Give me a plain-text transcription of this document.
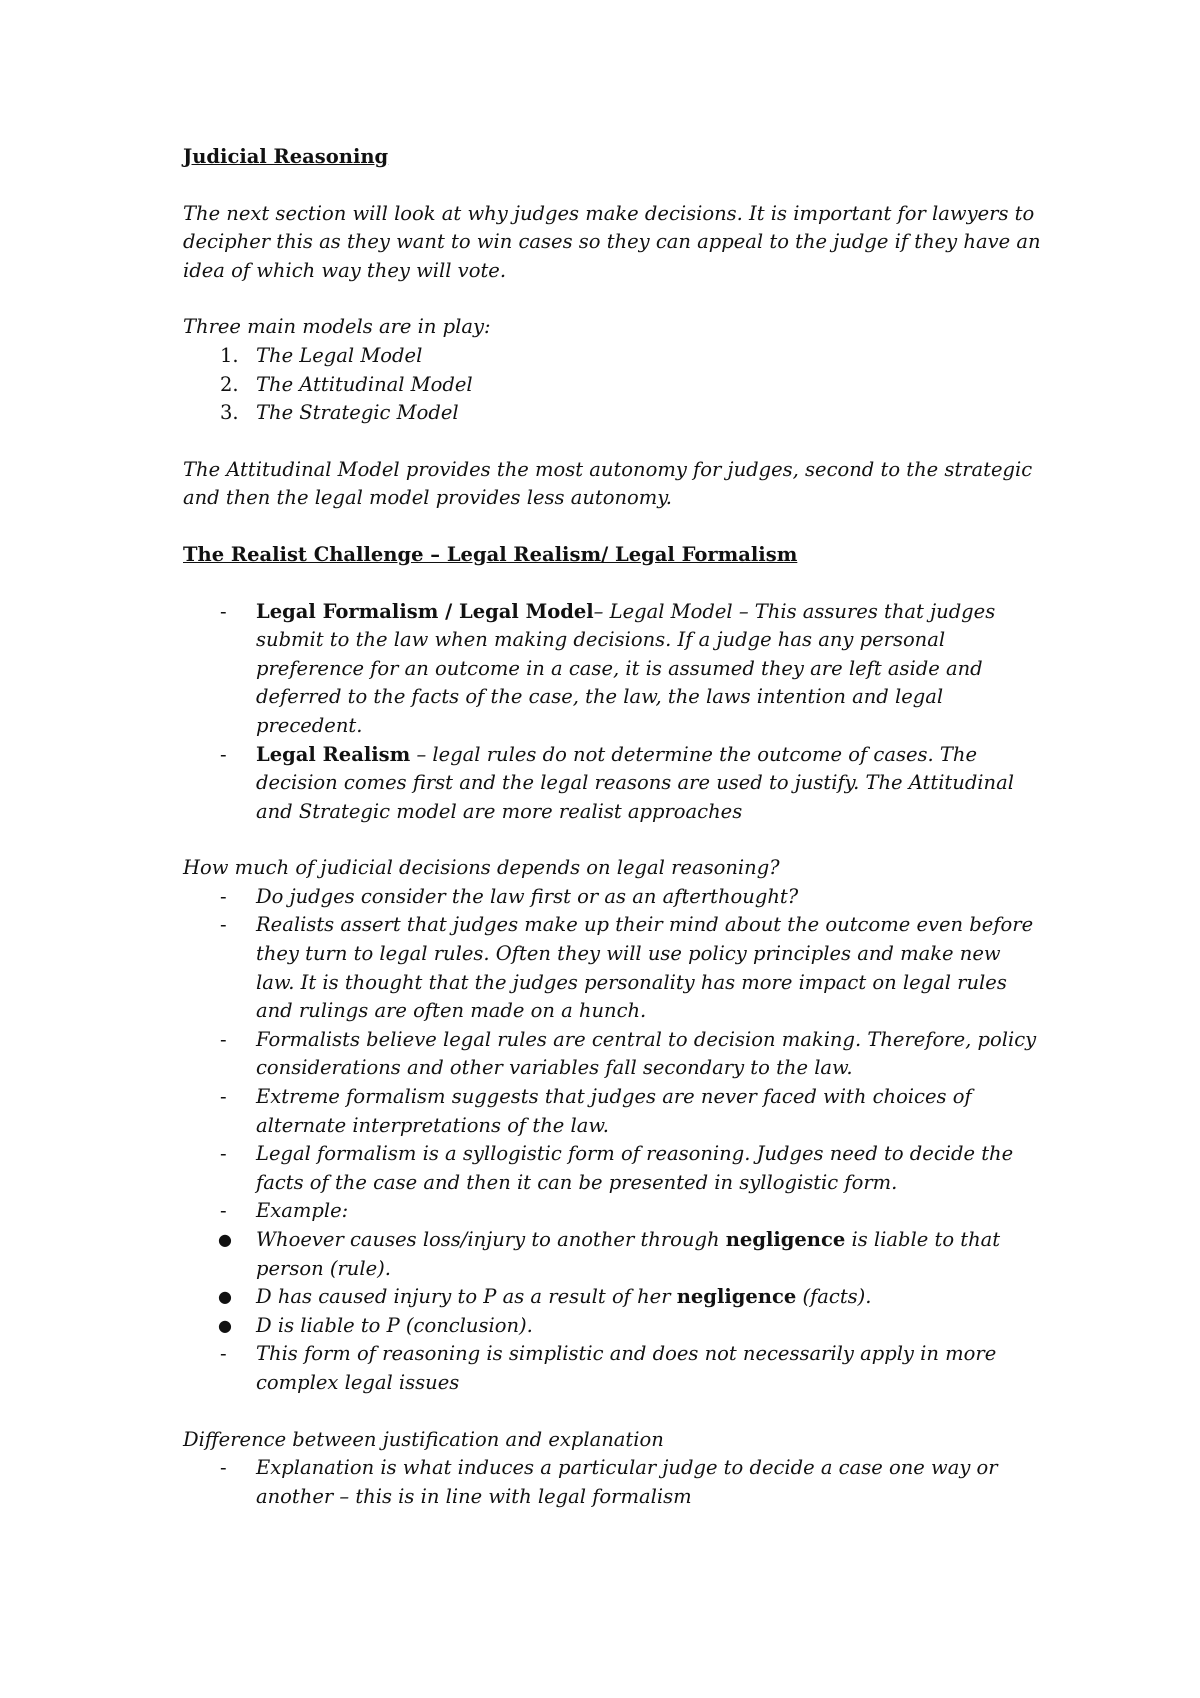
Judicial Reasoning

The next section will look at why judges make decisions. It is important for lawyers to decipher this as they want to win cases so they can appeal to the judge if they have an idea of which way they will vote.

Three main models are in play:

1. The Legal Model
2. The Attitudinal Model
3. The Strategic Model

The Attitudinal Model provides the most autonomy for judges, second to the strategic and then the legal model provides less autonomy.

The Realist Challenge – Legal Realism/ Legal Formalism

- Legal Formalism / Legal Model– Legal Model – This assures that judges submit to the law when making decisions. If a judge has any personal preference for an outcome in a case, it is assumed they are left aside and deferred to the facts of the case, the law, the laws intention and legal precedent.
- Legal Realism – legal rules do not determine the outcome of cases. The decision comes first and the legal reasons are used to justify. The Attitudinal and Strategic model are more realist approaches

How much of judicial decisions depends on legal reasoning?

- Do judges consider the law first or as an afterthought?
- Realists assert that judges make up their mind about the outcome even before they turn to legal rules. Often they will use policy principles and make new law. It is thought that the judges personality has more impact on legal rules and rulings are often made on a hunch.
- Formalists believe legal rules are central to decision making. Therefore, policy considerations and other variables fall secondary to the law.
- Extreme formalism suggests that judges are never faced with choices of alternate interpretations of the law.
- Legal formalism is a syllogistic form of reasoning. Judges need to decide the facts of the case and then it can be presented in syllogistic form.
- Example:
● Whoever causes loss/injury to another through negligence is liable to that person (rule).
● D has caused injury to P as a result of her negligence (facts).
● D is liable to P (conclusion).
- This form of reasoning is simplistic and does not necessarily apply in more complex legal issues

Difference between justification and explanation

- Explanation is what induces a particular judge to decide a case one way or another – this is in line with legal formalism
